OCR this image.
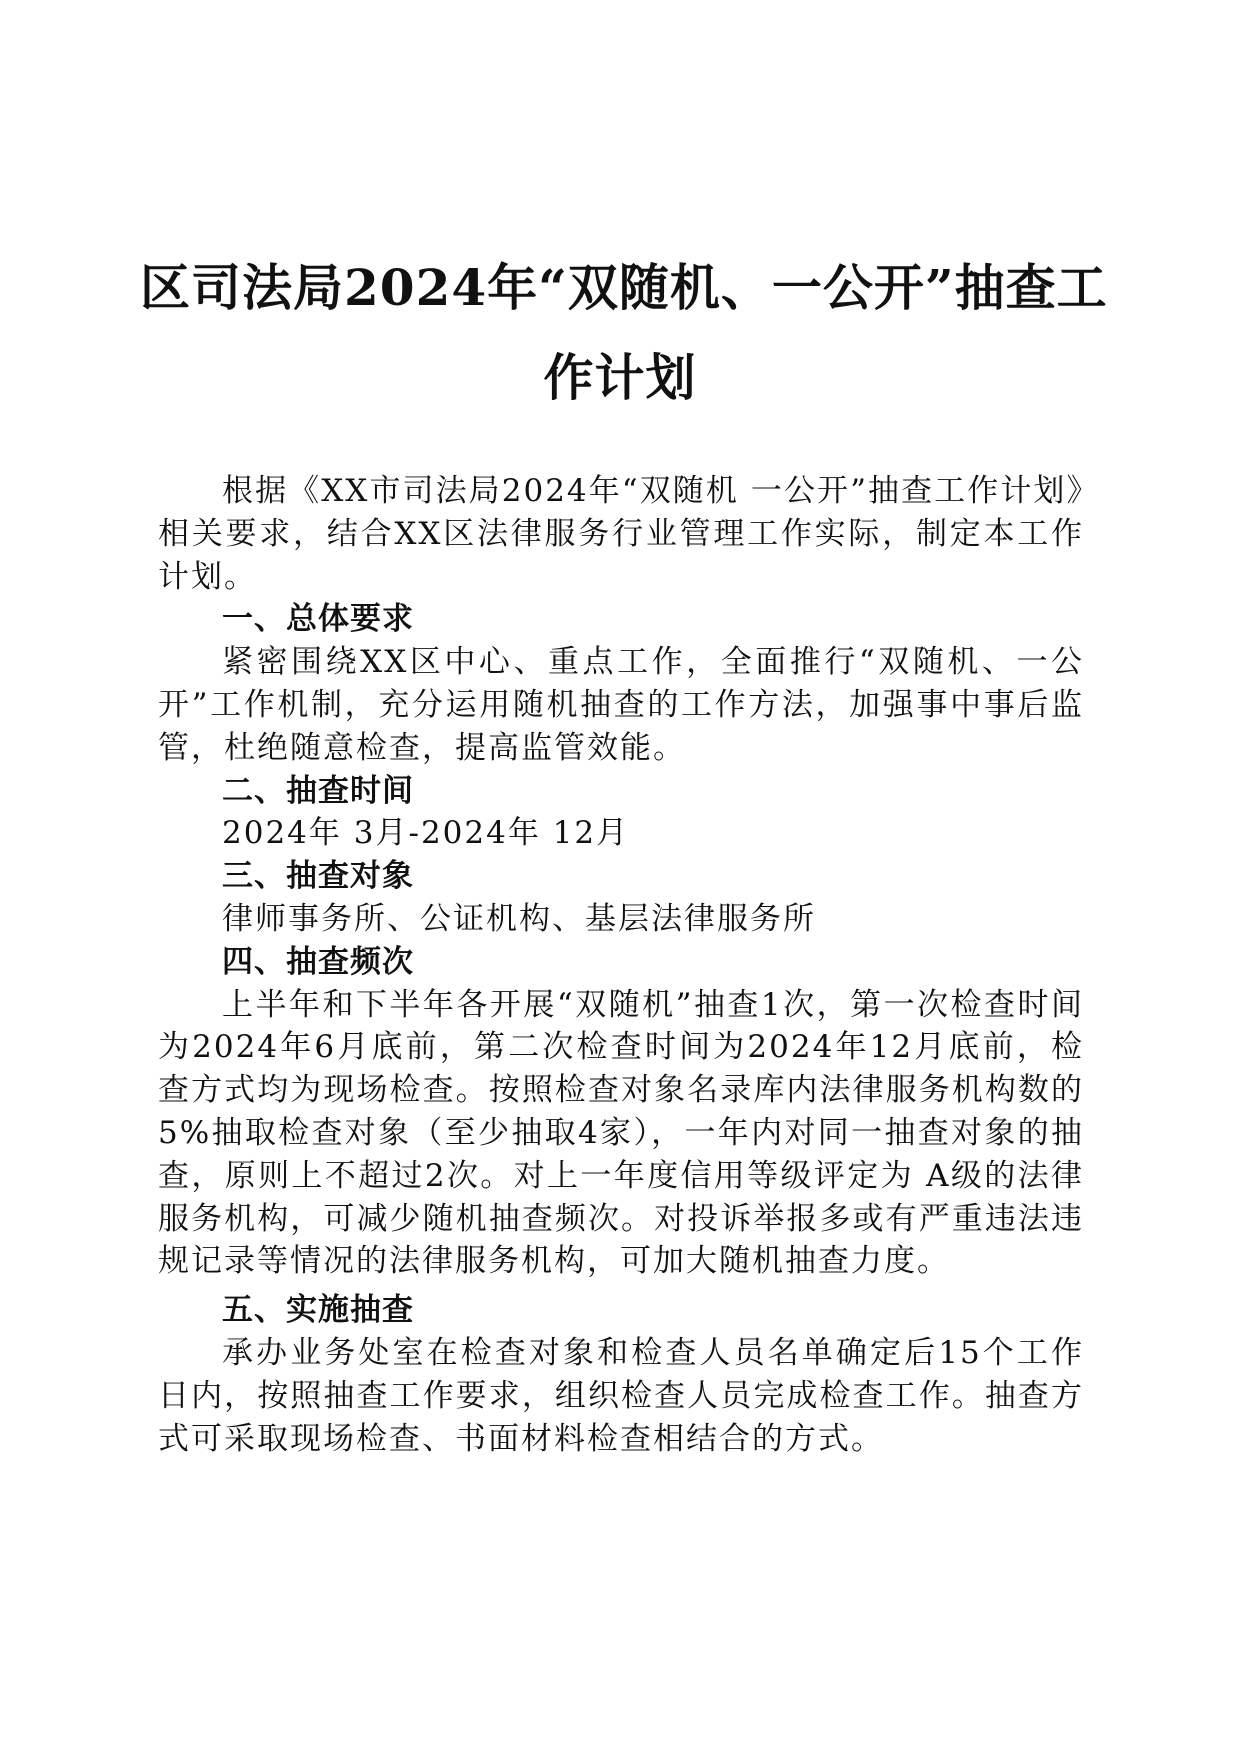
区司法局2024年“双随机、一公开”抽查工
作计划

根据《XX市司法局2024年“双随机 一公开”抽查工作计划》相关要求，结合XX区法律服务行业管理工作实际，制定本工作计划。

一、总体要求

紧密围绕XX区中心、重点工作，全面推行“双随机、一公开”工作机制，充分运用随机抽查的工作方法，加强事中事后监管，杜绝随意检查，提高监管效能。

二、抽查时间

2024年 3月-2024年 12月

三、抽查对象

律师事务所、公证机构、基层法律服务所

四、抽查频次

上半年和下半年各开展“双随机”抽查1次，第一次检查时间为2024年6月底前，第二次检查时间为2024年12月底前，检查方式均为现场检查。按照检查对象名录库内法律服务机构数的5%抽取检查对象（至少抽取4家），一年内对同一抽查对象的抽查，原则上不超过2次。对上一年度信用等级评定为 A级的法律服务机构，可减少随机抽查频次。对投诉举报多或有严重违法违规记录等情况的法律服务机构，可加大随机抽查力度。

五、实施抽查

承办业务处室在检查对象和检查人员名单确定后15个工作日内，按照抽查工作要求，组织检查人员完成检查工作。抽查方式可采取现场检查、书面材料检查相结合的方式。
